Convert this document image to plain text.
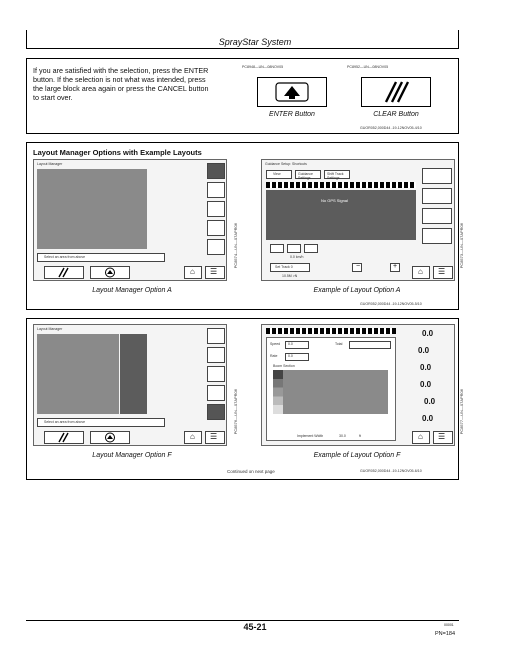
SprayStar System
If you are satisfied with the selection, press the ENTER
button. If the selection is not what was intended, press
the large block area again or press the CANCEL button
to start over.
PC8948—UN—08NOV05	PC8952—UN—08NOV05
ENTER Button	CLEAR Button
GUOR052,000D44 -19-12NOV05-4/10
Layout Manager Options with Example Layouts
Layout Manager
Select an area from above
⌂ ☰
PC8574—UN—07APR06
Guidance Setup: Shortcuts
View	Guidance Settings
Shift Track Settings
No GPS Signal
0.0 km/h
Set Track 0
10.5M >N
−	+
⌂ ☰
PC8573—UN—07APR06
Layout Manager Option A	Example of Layout Option A
GUOR052,000D44 -19-12NOV05-5/10
Layout Manager
Select an area from above
⌂ ☰
PC8576—UN—07APR06
Speed 0.0	Total
Rate	0.0
Boom Section
Implement Width	30.0	ft
0.0
0.0
0.0
0.0
0.0
0.0
⌂ ☰
PC8577—UN—07APR06
Layout Manager Option F	Example of Layout Option F
Continued on next page	GUOR052,000D44 -19-12NOV05-6/10
45-21	00001
PN=184
